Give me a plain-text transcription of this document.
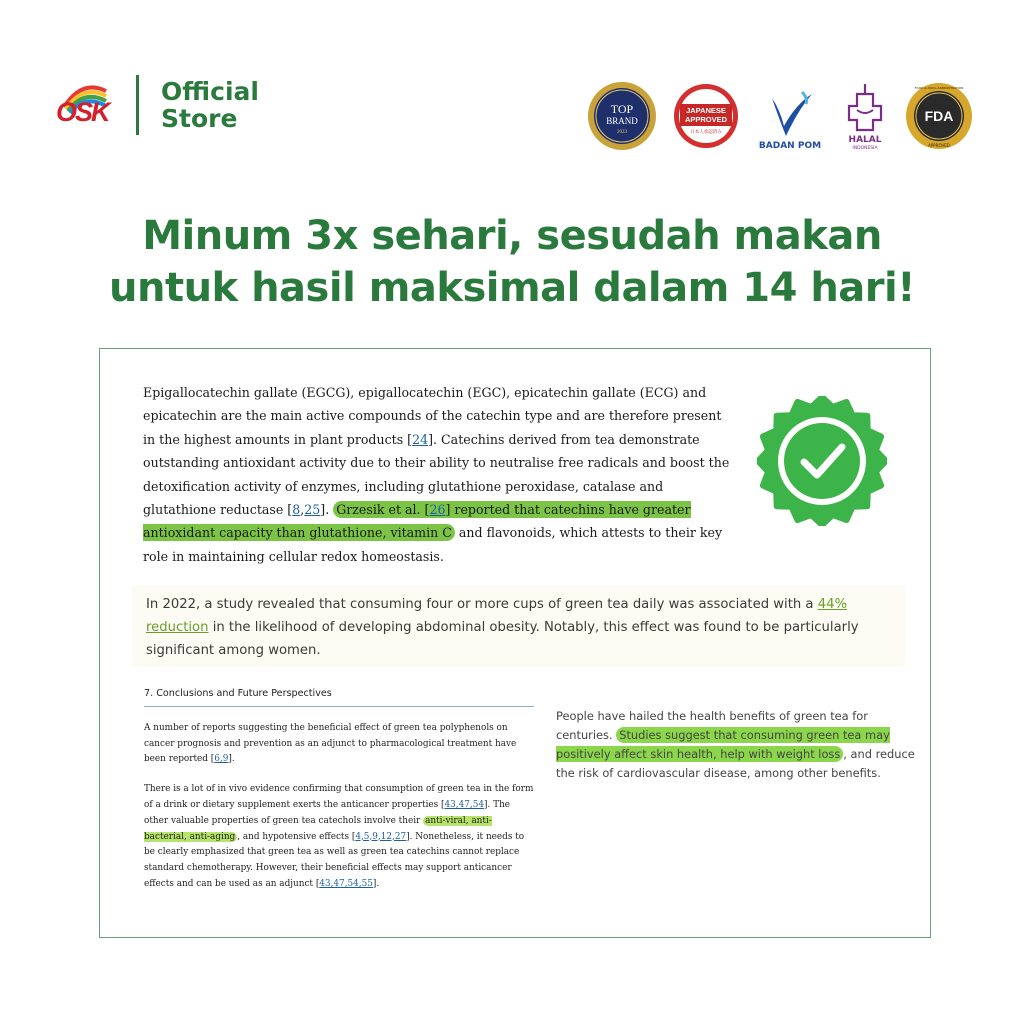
OSK
Official
Store	TOP
BRAND
2023
JAPANESE
APPROVED
日本人承認済み
BADAN POM
HALAL
INDONESIA
FDA
FOOD & DRUG ADMINISTRATION
APPROVED
Minum 3x sehari, sesudah makan
untuk hasil maksimal dalam 14 hari!
Epigallocatechin gallate (EGCG), epigallocatechin (EGC), epicatechin gallate (ECG) and epicatechin are the main active compounds of the catechin type and are therefore present in the highest amounts in plant products [24]. Catechins derived from tea demonstrate outstanding antioxidant activity due to their ability to neutralise free radicals and boost the detoxification activity of enzymes, including glutathione peroxidase, catalase and glutathione reductase [8,25]. Grzesik et al. [26] reported that catechins have greater antioxidant capacity than glutathione, vitamin C and flavonoids, which attests to their key role in maintaining cellular redox homeostasis.
In 2022, a study revealed that consuming four or more cups of green tea daily was associated with a 44% reduction in the likelihood of developing abdominal obesity. Notably, this effect was found to be particularly significant among women.
7. Conclusions and Future Perspectives

A number of reports suggesting the beneficial effect of green tea polyphenols on cancer prognosis and prevention as an adjunct to pharmacological treatment have been reported [6,9].

There is a lot of in vivo evidence confirming that consumption of green tea in the form of a drink or dietary supplement exerts the anticancer properties [43,47,54]. The other valuable properties of green tea catechols involve their anti-viral, anti-bacterial, anti-aging , and hypotensive effects [4,5,9,12,27]. Nonetheless, it needs to be clearly emphasized that green tea as well as green tea catechins cannot replace standard chemotherapy. However, their beneficial effects may support anticancer effects and can be used as an adjunct [43,47,54,55].

People have hailed the health benefits of green tea for centuries. Studies suggest that consuming green tea may positively affect skin health, help with weight loss , and reduce the risk of cardiovascular disease, among other benefits.
